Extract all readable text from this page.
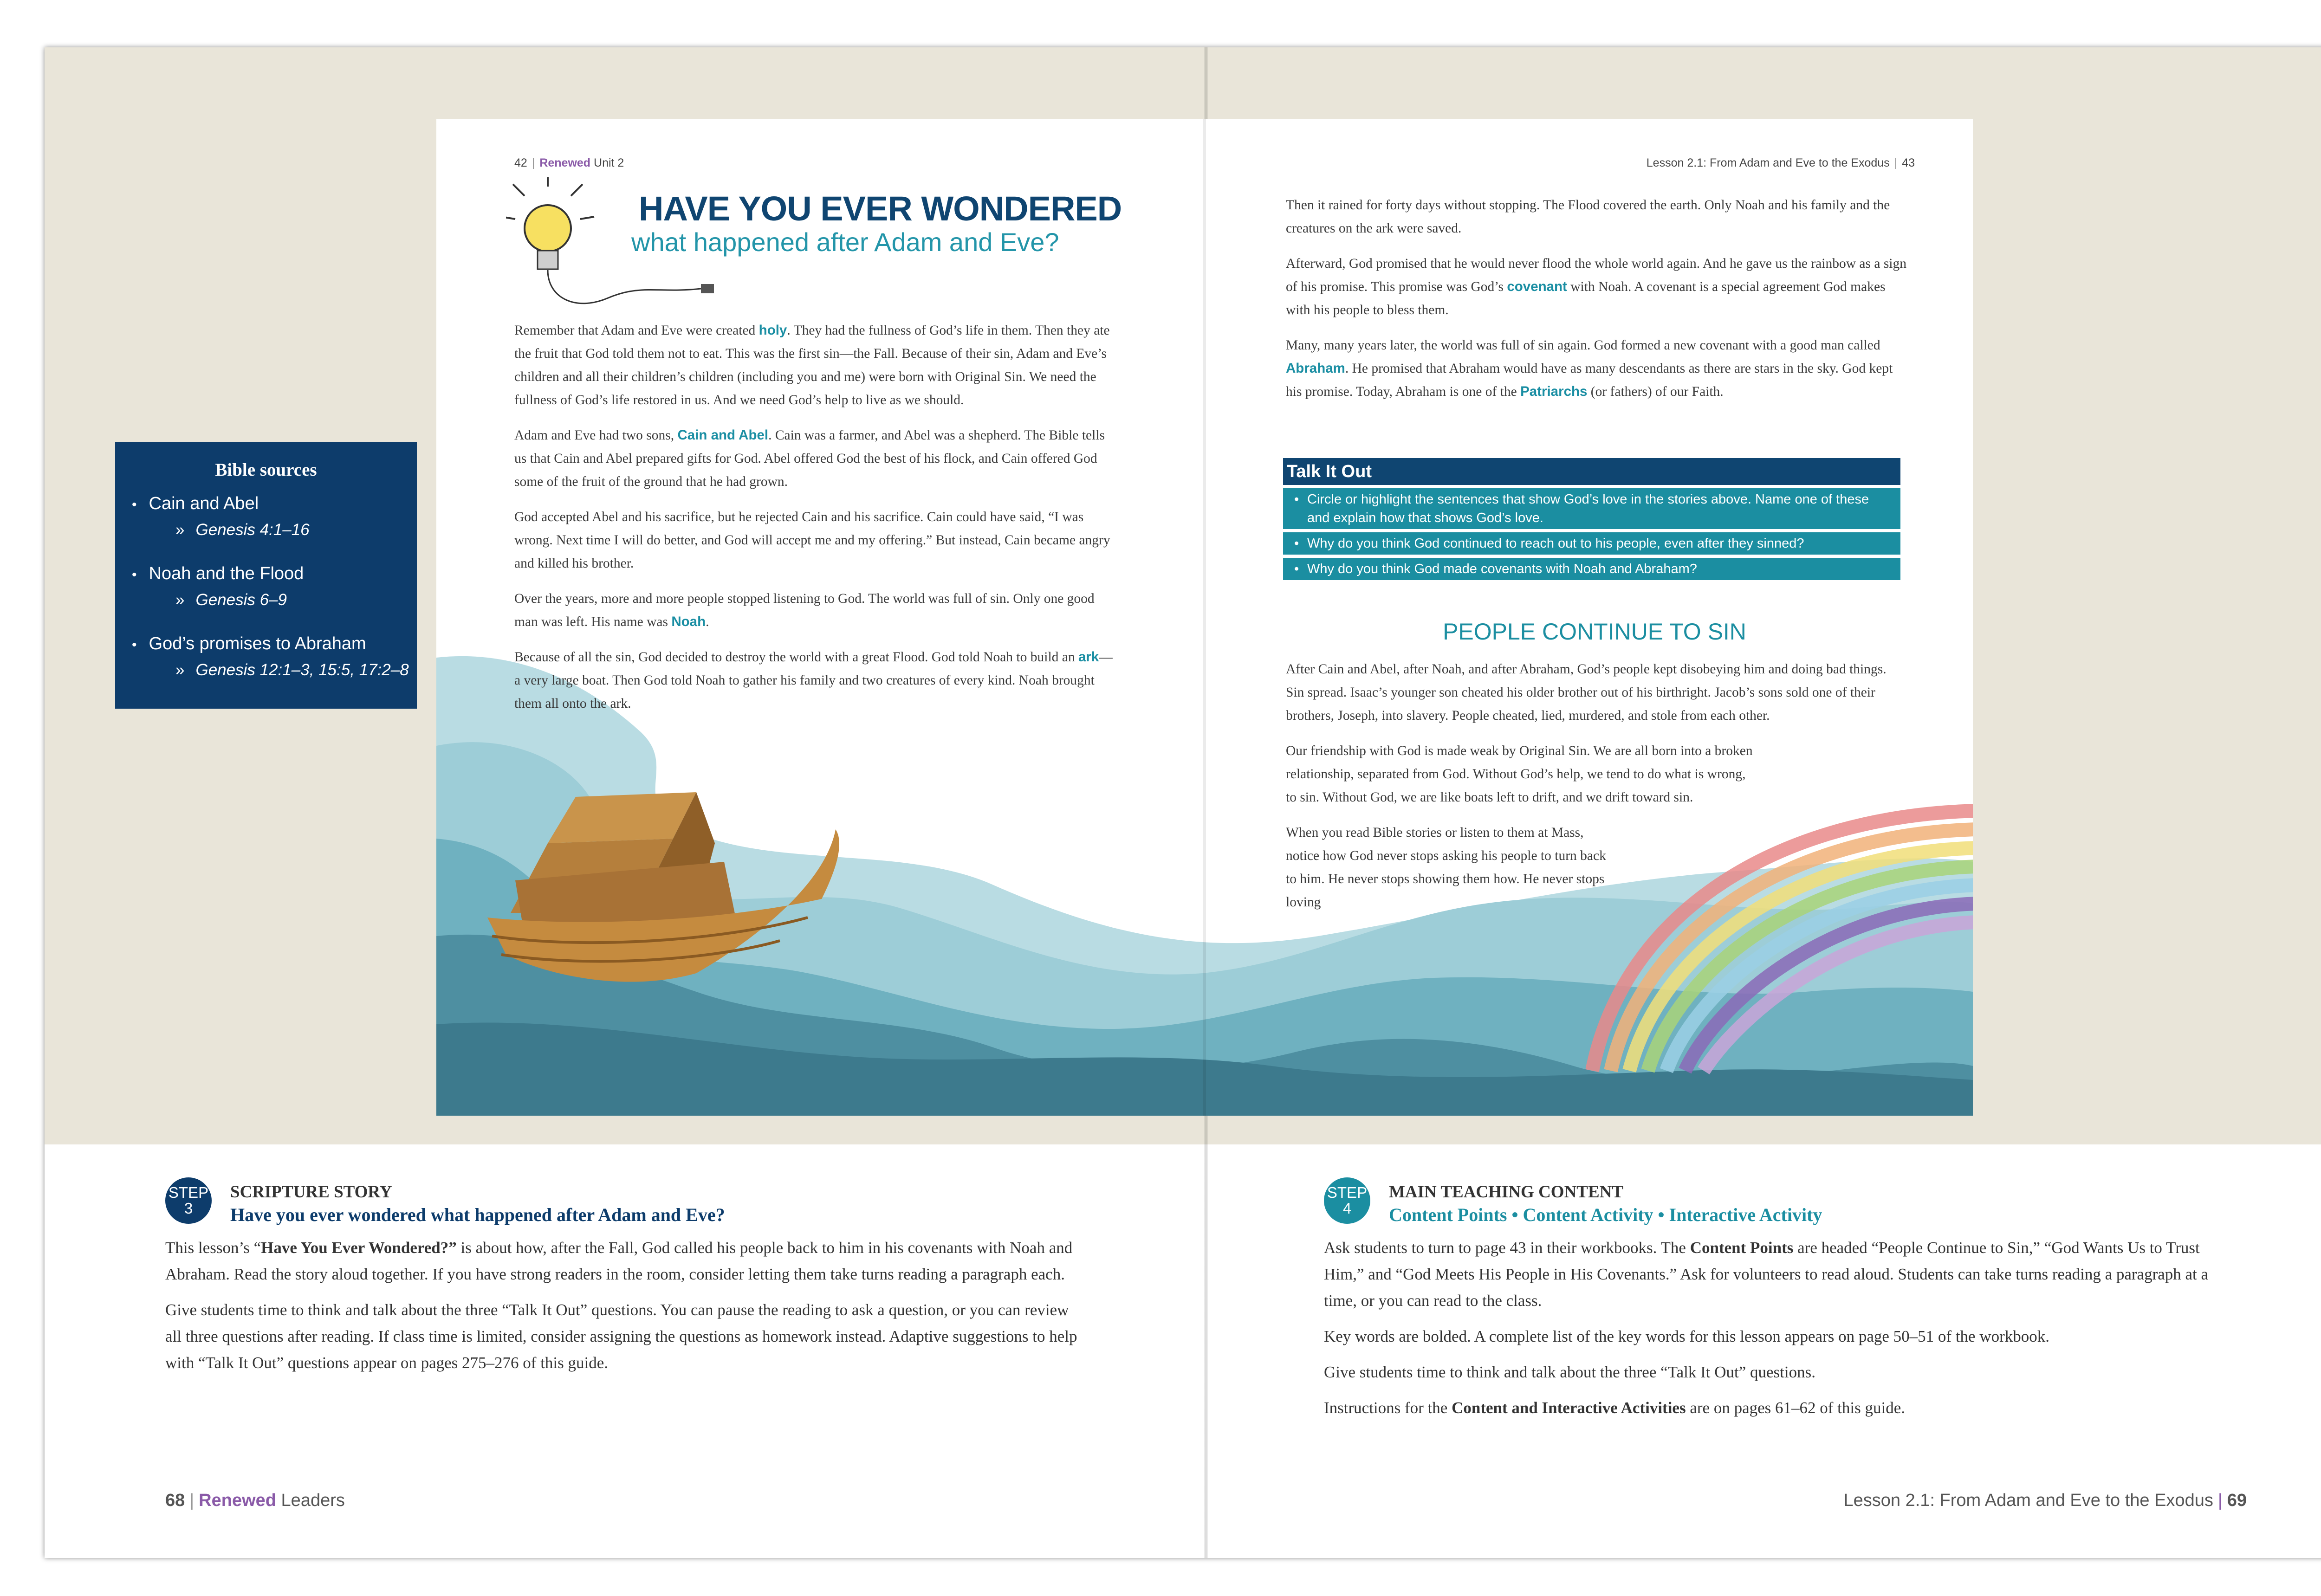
42 | Renewed Unit 2	Lesson 2.1: From Adam and Eve to the Exodus | 43
HAVE YOU EVER WONDERED
what happened after Adam and Eve?

Remember that Adam and Eve were created holy. They had the fullness of God’s life in them. Then they ate the fruit that God told them not to eat. This was the first sin—the Fall. Because of their sin, Adam and Eve’s children and all their children’s children (including you and me) were born with Original Sin. We need the fullness of God’s life restored in us. And we need God’s help to live as we should.

Adam and Eve had two sons, Cain and Abel. Cain was a farmer, and Abel was a shepherd. The Bible tells us that Cain and Abel prepared gifts for God. Abel offered God the best of his flock, and Cain offered God some of the fruit of the ground that he had grown.

God accepted Abel and his sacrifice, but he rejected Cain and his sacrifice. Cain could have said, “I was wrong. Next time I will do better, and God will accept me and my offering.” But instead, Cain became angry and killed his brother.

Over the years, more and more people stopped listening to God. The world was full of sin. Only one good man was left. His name was Noah.

Because of all the sin, God decided to destroy the world with a great Flood. God told Noah to build an ark—a very large boat. Then God told Noah to gather his family and two creatures of every kind. Noah brought them all onto the ark.

Then it rained for forty days without stopping. The Flood covered the earth. Only Noah and his family and the creatures on the ark were saved.

Afterward, God promised that he would never flood the whole world again. And he gave us the rainbow as a sign of his promise. This promise was God’s covenant with Noah. A covenant is a special agreement God makes with his people to bless them.

Many, many years later, the world was full of sin again. God formed a new covenant with a good man called Abraham. He promised that Abraham would have as many descendants as there are stars in the sky. God kept his promise. Today, Abraham is one of the Patriarchs (or fathers) of our Faith.

Talk It Out
• Circle or highlight the sentences that show God’s love in the stories above. Name one of these and explain how that shows God’s love.
• Why do you think God continued to reach out to his people, even after they sinned?
• Why do you think God made covenants with Noah and Abraham?
PEOPLE CONTINUE TO SIN

After Cain and Abel, after Noah, and after Abraham, God’s people kept disobeying him and doing bad things. Sin spread. Isaac’s younger son cheated his older brother out of his birthright. Jacob’s sons sold one of their brothers, Joseph, into slavery. People cheated, lied, murdered, and stole from each other.

Our friendship with God is made weak by Original Sin. We are all born into a broken relationship, separated from God. Without God’s help, we tend to do what is wrong, to sin. Without God, we are like boats left to drift, and we drift toward sin.

When you read Bible stories or listen to them at Mass, notice how God never stops asking his people to turn back to him. He never stops showing them how. He never stops loving

Bible sources
• Cain and Abel
» Genesis 4:1–16
• Noah and the Flood
» Genesis 6–9
• God’s promises to Abraham
» Genesis 12:1–3, 15:5, 17:2–8
STEP
3
SCRIPTURE STORY
Have you ever wondered what happened after Adam and Eve?

This lesson’s “Have You Ever Wondered?” is about how, after the Fall, God called his people back to him in his covenants with Noah and Abraham. Read the story aloud together. If you have strong readers in the room, consider letting them take turns reading a paragraph each.

Give students time to think and talk about the three “Talk It Out” questions. You can pause the reading to ask a question, or you can review all three questions after reading. If class time is limited, consider assigning the questions as homework instead. Adaptive suggestions to help with “Talk It Out” questions appear on pages 275–276 of this guide.

STEP
4
MAIN TEACHING CONTENT
Content Points • Content Activity • Interactive Activity

Ask students to turn to page 43 in their workbooks. The Content Points are headed “People Continue to Sin,” “God Wants Us to Trust Him,” and “God Meets His People in His Covenants.” Ask for volunteers to read aloud. Students can take turns reading a paragraph at a time, or you can read to the class.

Key words are bolded. A complete list of the key words for this lesson appears on page 50–51 of the workbook.

Give students time to think and talk about the three “Talk It Out” questions.

Instructions for the Content and Interactive Activities are on pages 61–62 of this guide.

68 | Renewed Leaders	Lesson 2.1: From Adam and Eve to the Exodus | 69
